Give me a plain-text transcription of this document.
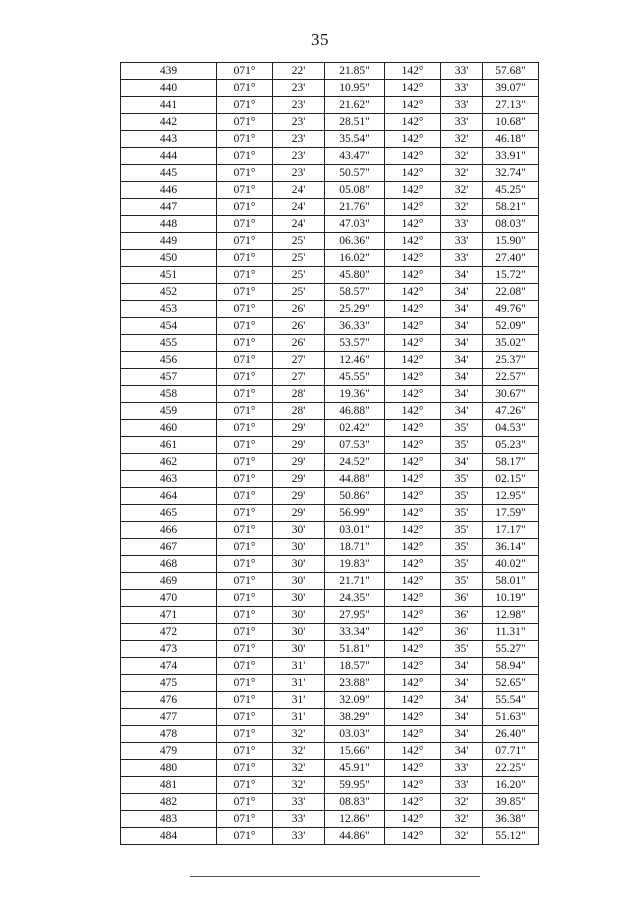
35
439	071°	22'	21.85"	142°	33'	57.68"
440	071°	23'	10.95"	142°	33'	39.07"
441	071°	23'	21.62"	142°	33'	27.13"
442	071°	23'	28.51"	142°	33'	10.68"
443	071°	23'	35.54"	142°	32'	46.18"
444	071°	23'	43.47"	142°	32'	33.91"
445	071°	23'	50.57"	142°	32'	32.74"
446	071°	24'	05.08"	142°	32'	45.25"
447	071°	24'	21.76"	142°	32'	58.21"
448	071°	24'	47.03"	142°	33'	08.03"
449	071°	25'	06.36"	142°	33'	15.90"
450	071°	25'	16.02"	142°	33'	27.40"
451	071°	25'	45.80"	142°	34'	15.72"
452	071°	25'	58.57"	142°	34'	22.08"
453	071°	26'	25.29"	142°	34'	49.76"
454	071°	26'	36.33"	142°	34'	52.09"
455	071°	26'	53.57"	142°	34'	35.02"
456	071°	27'	12.46"	142°	34'	25.37"
457	071°	27'	45.55"	142°	34'	22.57"
458	071°	28'	19.36"	142°	34'	30.67"
459	071°	28'	46.88"	142°	34'	47.26"
460	071°	29'	02.42"	142°	35'	04.53"
461	071°	29'	07.53"	142°	35'	05.23"
462	071°	29'	24.52"	142°	34'	58.17"
463	071°	29'	44.88"	142°	35'	02.15"
464	071°	29'	50.86"	142°	35'	12.95"
465	071°	29'	56.99"	142°	35'	17.59"
466	071°	30'	03.01"	142°	35'	17.17"
467	071°	30'	18.71"	142°	35'	36.14"
468	071°	30'	19.83"	142°	35'	40.02"
469	071°	30'	21.71"	142°	35'	58.01"
470	071°	30'	24.35"	142°	36'	10.19"
471	071°	30'	27.95"	142°	36'	12.98"
472	071°	30'	33.34"	142°	36'	11.31"
473	071°	30'	51.81"	142°	35'	55.27"
474	071°	31'	18.57"	142°	34'	58.94"
475	071°	31'	23.88"	142°	34'	52.65"
476	071°	31'	32.09"	142°	34'	55.54"
477	071°	31'	38.29"	142°	34'	51.63"
478	071°	32'	03.03"	142°	34'	26.40"
479	071°	32'	15.66"	142°	34'	07.71"
480	071°	32'	45.91"	142°	33'	22.25"
481	071°	32'	59.95"	142°	33'	16.20"
482	071°	33'	08.83"	142°	32'	39.85"
483	071°	33'	12.86"	142°	32'	36.38"
484	071°	33'	44.86"	142°	32'	55.12"
